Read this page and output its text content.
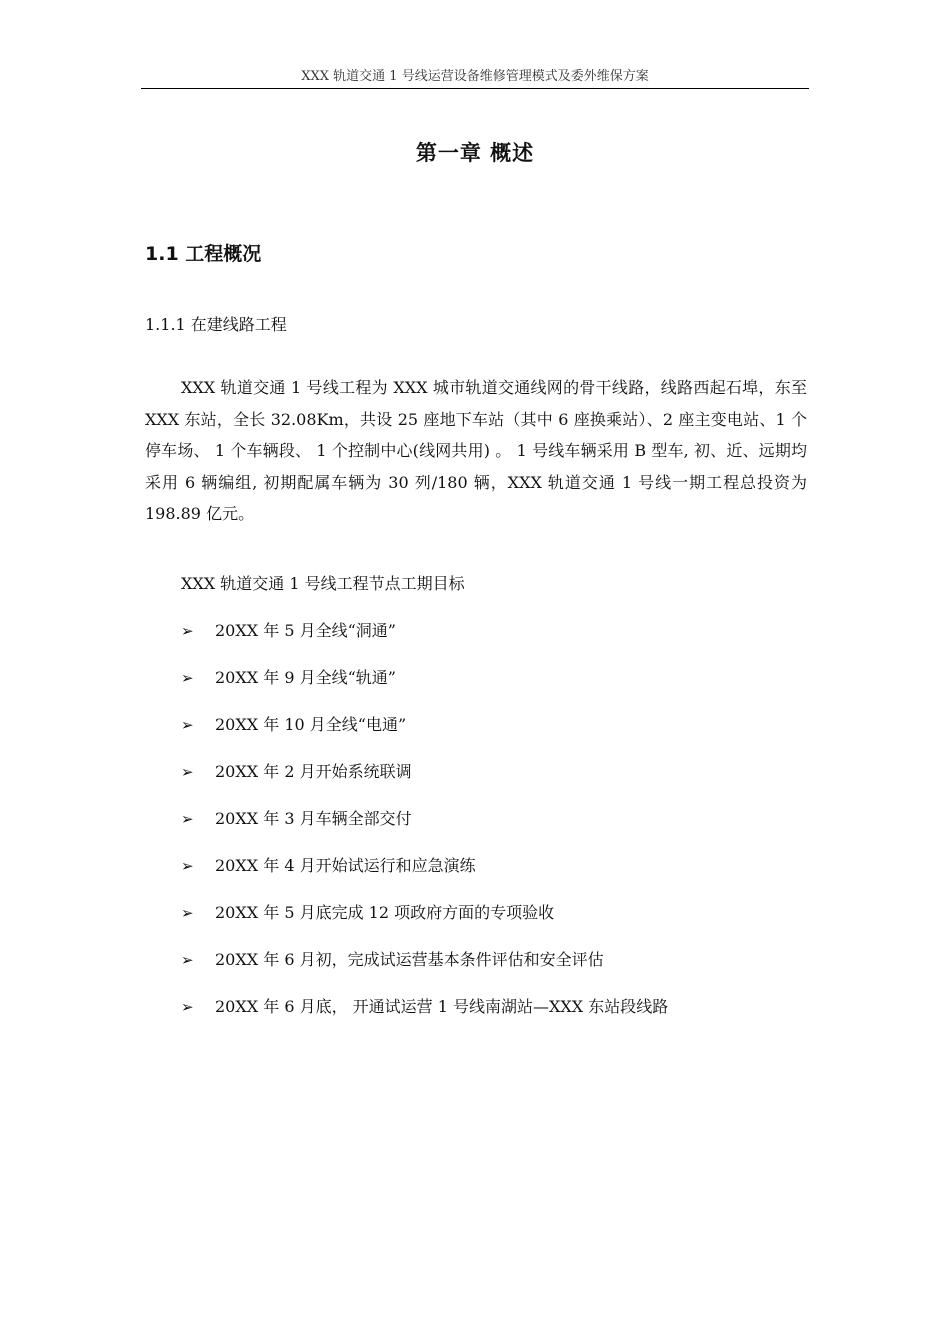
XXX 轨道交通 1 号线运营设备维修管理模式及委外维保方案
第一章 概述
1.1 工程概况
1.1.1 在建线路工程

XXX 轨道交通 1 号线工程为 XXX 城市轨道交通线网的骨干线路，线路西起石埠，东至 XXX 东站，全长 32.08Km，共设 25 座地下车站（其中 6 座换乘站）、2 座主变电站、1 个停车场、 1 个车辆段、 1 个控制中心(线网共用) 。 1 号线车辆采用 B 型车, 初、近、远期均采用 6 辆编组, 初期配属车辆为 30 列/180 辆，XXX 轨道交通 1 号线一期工程总投资为 198.89 亿元。

XXX 轨道交通 1 号线工程节点工期目标

➢	20XX 年 5 月全线“洞通”
➢	20XX 年 9 月全线“轨通”
➢	20XX 年 10 月全线“电通”
➢	20XX 年 2 月开始系统联调
➢	20XX 年 3 月车辆全部交付
➢	20XX 年 4 月开始试运行和应急演练
➢	20XX 年 5 月底完成 12 项政府方面的专项验收
➢	20XX 年 6 月初，完成试运营基本条件评估和安全评估
➢	20XX 年 6 月底， 开通试运营 1 号线南湖站—XXX 东站段线路
